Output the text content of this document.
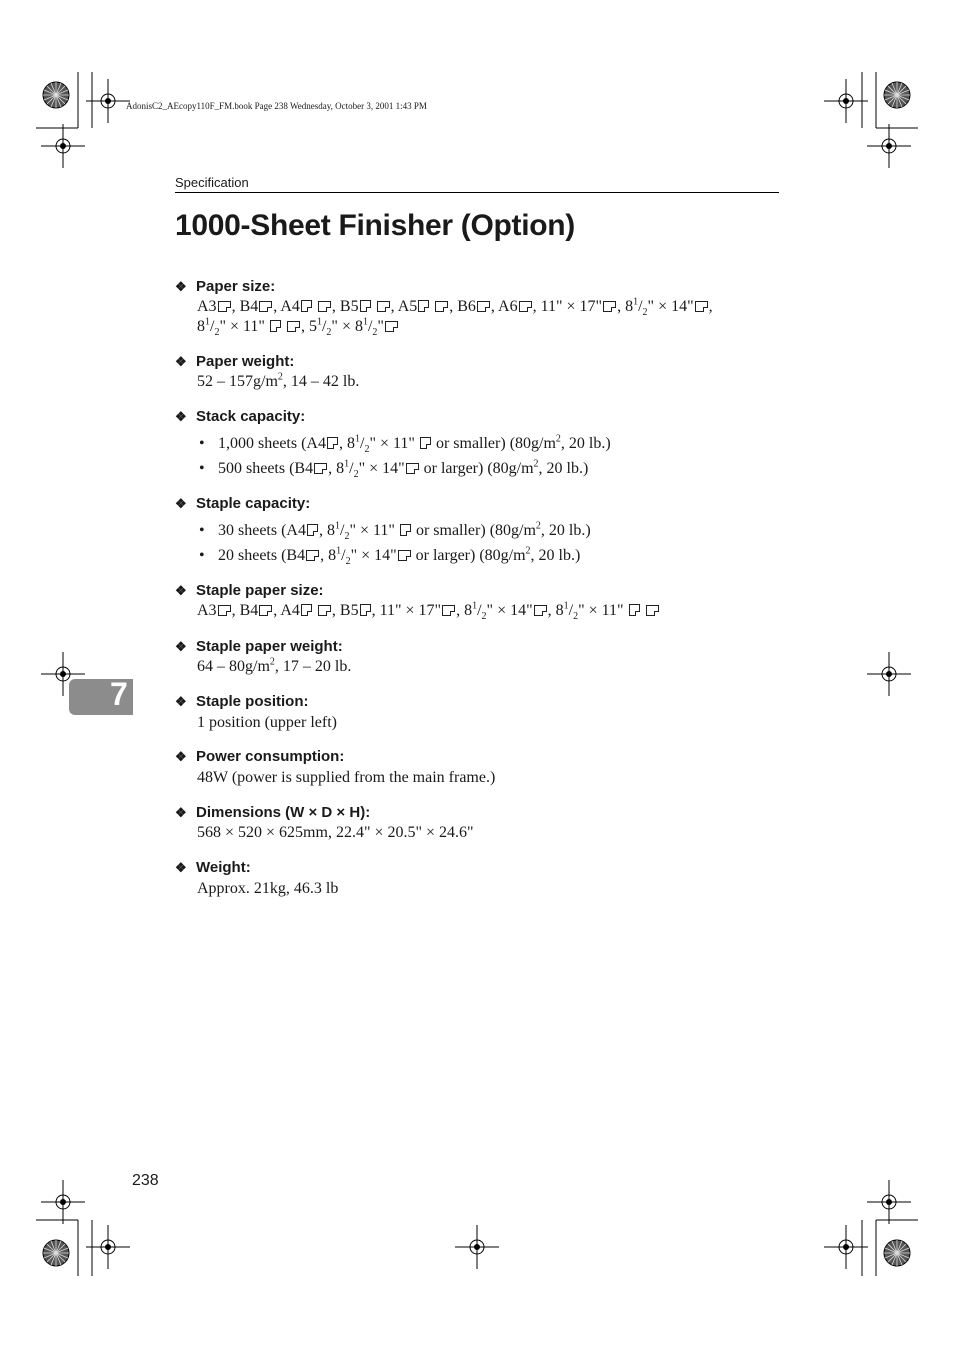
AdonisC2_AEcopy110F_FM.book Page 238 Wednesday, October 3, 2001 1:43 PM
Specification
1000-Sheet Finisher (Option)
❖ Paper size:
A3 , B4 , A4 , B5 , A5 , B6 , A6 , 11" × 17" , $8^1/_2$" × 14" ,
$8^1/_2$" × 11" , $5^1/_2$" × $8^1/_2$"
❖ Paper weight:
$52 - 157g/m^2$, 14 – 42 lb.
❖ Stack capacity:
• 1,000 sheets (A4 , $8^1/_2$" × 11"  or smaller) ($80g/m^2$, 20 lb.)
• 500 sheets (B4 , $8^1/_2$" × 14" or larger) ($80g/m^2$, 20 lb.)
❖ Staple capacity:
• 30 sheets (A4 , $8^1/_2$" × 11"  or smaller) ($80g/m^2$, 20 lb.)
• 20 sheets (B4 , $8^1/_2$" × 14" or larger) ($80g/m^2$, 20 lb.)
❖ Staple paper size:
A3 , B4 , A4 , B5 , 11" × 17" , $8^1/_2$" × 14" , $8^1/_2$" × 11"
❖ Staple paper weight:
$64 - 80g/m^2$, 17 – 20 lb.
❖ Staple position:
1 position (upper left)
❖ Power consumption:
48W (power is supplied from the main frame.)
❖ Dimensions (W × D × H):
568 × 520 × 625mm, 22.4" × 20.5" × 24.6"
❖ Weight:
Approx. 21kg, 46.3 lb
7
238
